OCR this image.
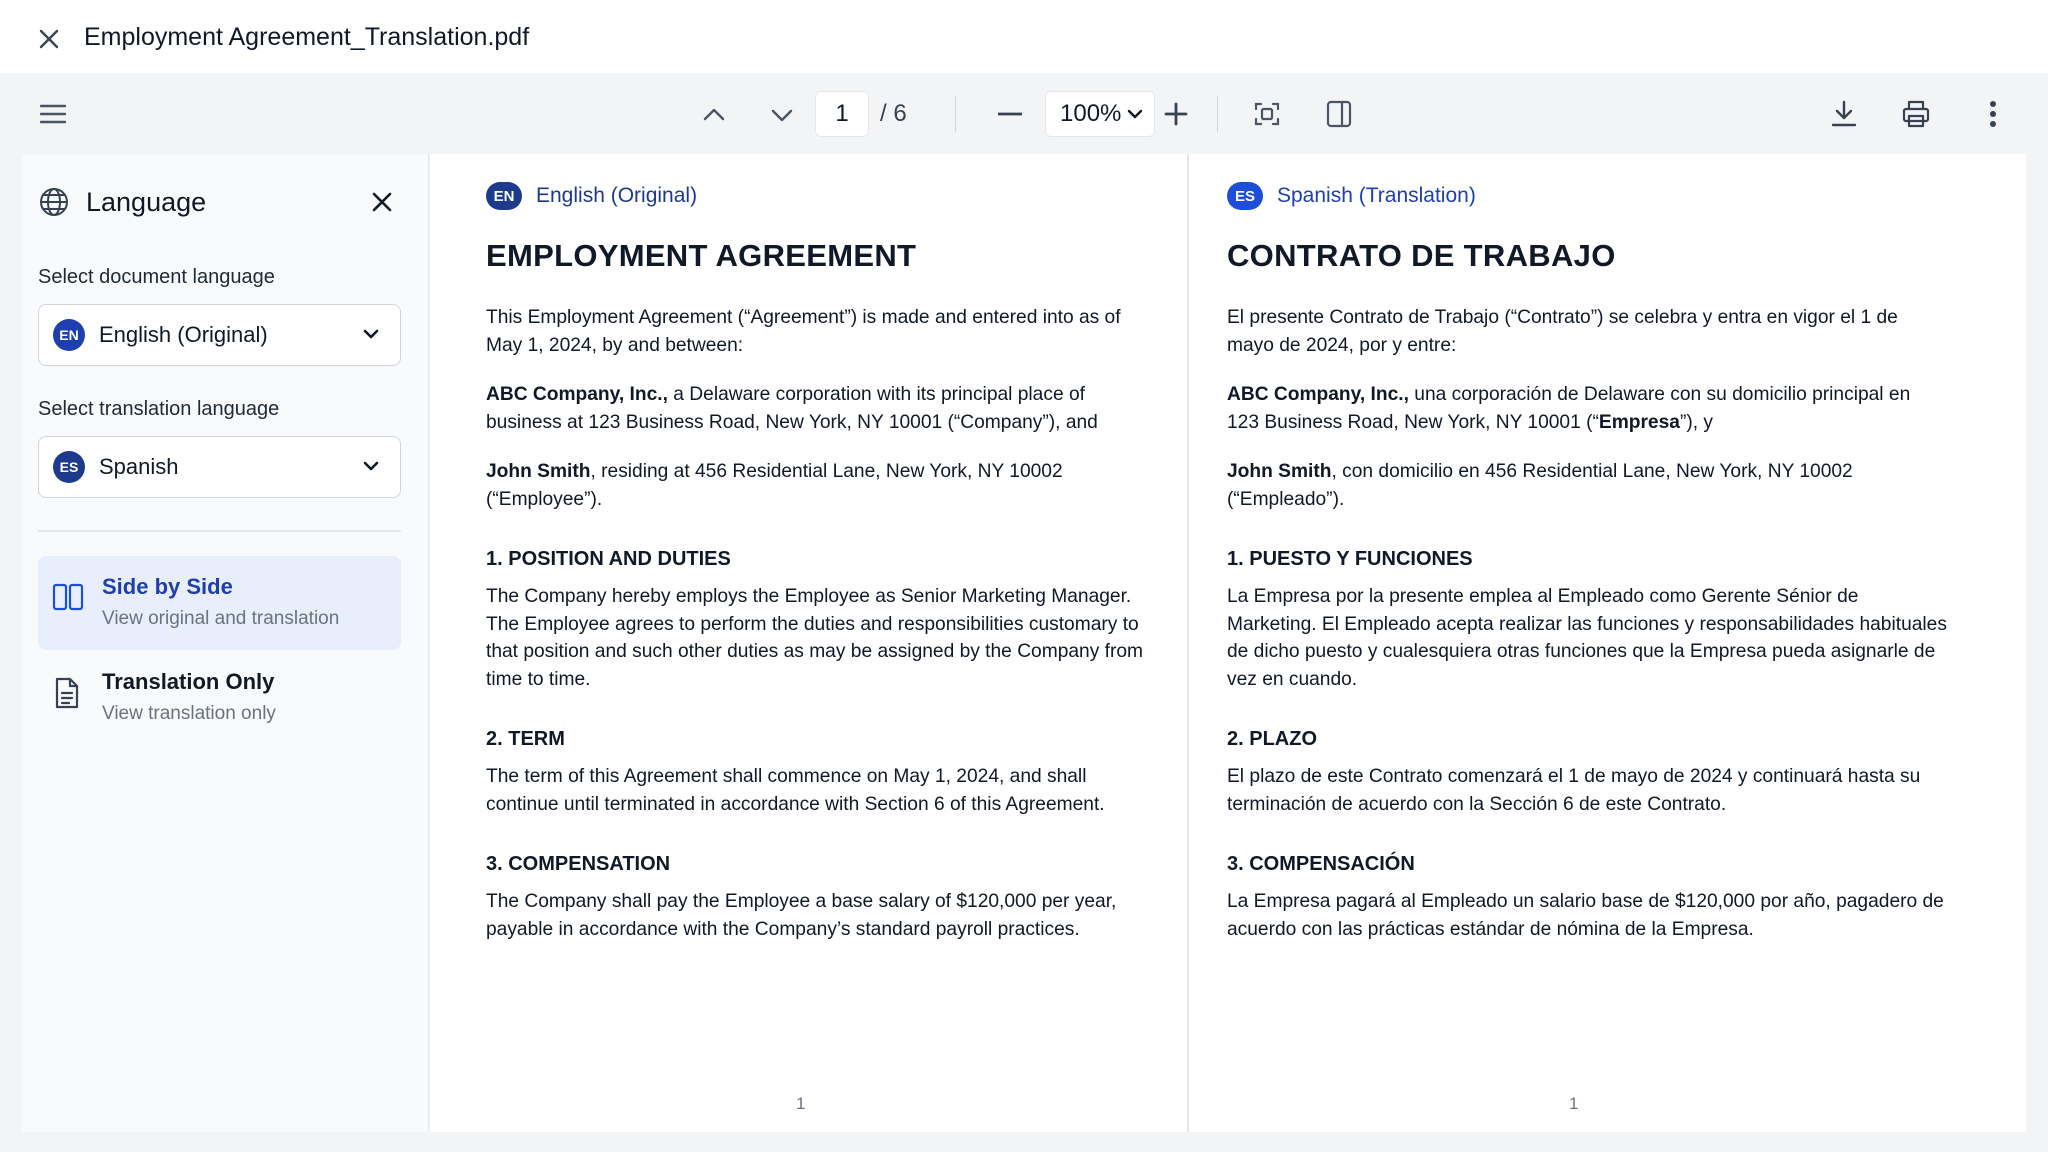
Employment Agreement_Translation.pdf
1	/ 6	100%
Language
Select document language
EN English (Original)
Select translation language
ES Spanish
Side by Side
View original and translation
Translation Only
View translation only
EN	English (Original)
EMPLOYMENT AGREEMENT

This Employment Agreement (“Agreement”) is made and entered into as of May 1, 2024, by and between:

ABC Company, Inc., a Delaware corporation with its principal place of business at 123 Business Road, New York, NY 10001 (“Company”), and

John Smith, residing at 456 Residential Lane, New York, NY 10002 (“Employee”).

1. POSITION AND DUTIES

The Company hereby employs the Employee as Senior Marketing Manager. The Employee agrees to perform the duties and responsibilities customary to that position and such other duties as may be assigned by the Company from time to time.

2. TERM

The term of this Agreement shall commence on May 1, 2024, and shall continue until terminated in accordance with Section 6 of this Agreement.

3. COMPENSATION

The Company shall pay the Employee a base salary of $120,000 per year, payable in accordance with the Company’s standard payroll practices.

1
ES	Spanish (Translation)
CONTRATO DE TRABAJO

El presente Contrato de Trabajo (“Contrato”) se celebra y entra en vigor el 1 de mayo de 2024, por y entre:

ABC Company, Inc., una corporación de Delaware con su domicilio principal en 123 Business Road, New York, NY 10001 (“Empresa”), y

John Smith, con domicilio en 456 Residential Lane, New York, NY 10002 (“Empleado”).

1. PUESTO Y FUNCIONES

La Empresa por la presente emplea al Empleado como Gerente Sénior de Marketing. El Empleado acepta realizar las funciones y responsabilidades habituales de dicho puesto y cualesquiera otras funciones que la Empresa pueda asignarle de vez en cuando.

2. PLAZO

El plazo de este Contrato comenzará el 1 de mayo de 2024 y continuará hasta su terminación de acuerdo con la Sección 6 de este Contrato.

3. COMPENSACIÓN

La Empresa pagará al Empleado un salario base de $120,000 por año, pagadero de acuerdo con las prácticas estándar de nómina de la Empresa.

1
